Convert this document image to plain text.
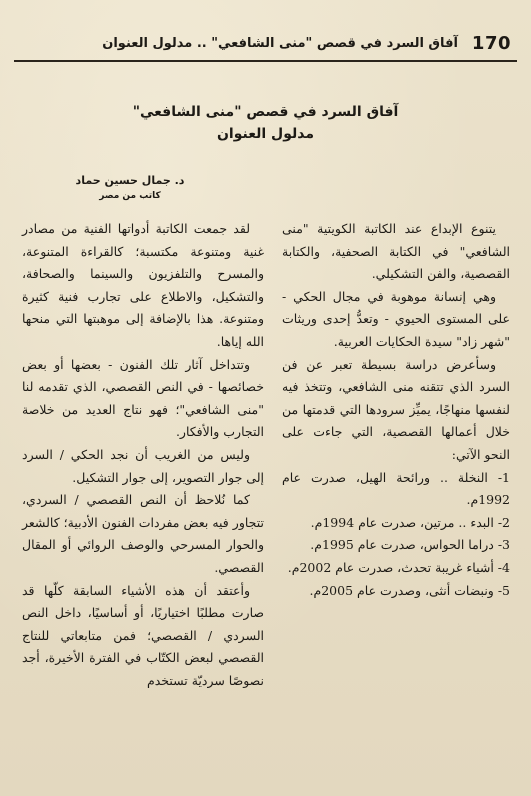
170
آفاق السرد في قصص "منى الشافعي" .. مدلول العنوان
آفاق السرد في قصص "منى الشافعي"
مدلول العنوان
د. جمال حسين حماد
كاتب من مصر

يتنوع الإبداع عند الكاتبة الكويتية "منى الشافعي" في الكتابة الصحفية، والكتابة القصصية، والفن التشكيلي.

وهي إنسانة موهوبة في مجال الحكي - على المستوى الحيوي - وتعدُّ إحدى وريثات "شهر زاد" سيدة الحكايات العربية.

وسأعرض دراسة بسيطة تعبر عن فن السرد الذي تتقنه منى الشافعي، وتتخذ فيه لنفسها منهاجًا، يميِّز سرودها التي قدمتها من خلال أعمالها القصصية، التي جاءت على النحو الآتي:

1- النخلة .. ورائحة الهيل، صدرت عام 1992م.

2- البدء .. مرتين، صدرت عام 1994م.

3- دراما الحواس، صدرت عام 1995م.

4- أشياء غريبة تحدث، صدرت عام 2002م.

5- ونبضات أنثى، وصدرت عام 2005م.

لقد جمعت الكاتبة أدواتها الفنية من مصادر غنية ومتنوعة مكتسبة؛ كالقراءة المتنوعة، والمسرح والتلفزيون والسينما والصحافة، والتشكيل، والاطلاع على تجارب فنية كثيرة ومتنوعة. هذا بالإضافة إلى موهبتها التي منحها الله إياها.

وتتداخل آثار تلك الفنون - بعضها أو بعض خصائصها - في النص القصصي، الذي تقدمه لنا "منى الشافعي"؛ فهو نتاج العديد من خلاصة التجارب والأفكار.

وليس من الغريب أن نجد الحكي / السرد إلى جوار التصوير، إلى جوار التشكيل.

كما نُلاحظ أن النص القصصي / السردي، تتجاور فيه بعض مفردات الفنون الأدبية؛ كالشعر والحوار المسرحي والوصف الروائي أو المقال القصصي.

وأعتقد أن هذه الأشياء السابقة كلّها قد صارت مطلبًا اختياريًا، أو أساسيًا، داخل النص السردي / القصصي؛ فمن متابعاتي للنتاج القصصي لبعض الكتّاب في الفترة الأخيرة، أجد نصوصًا سرديّة تستخدم
